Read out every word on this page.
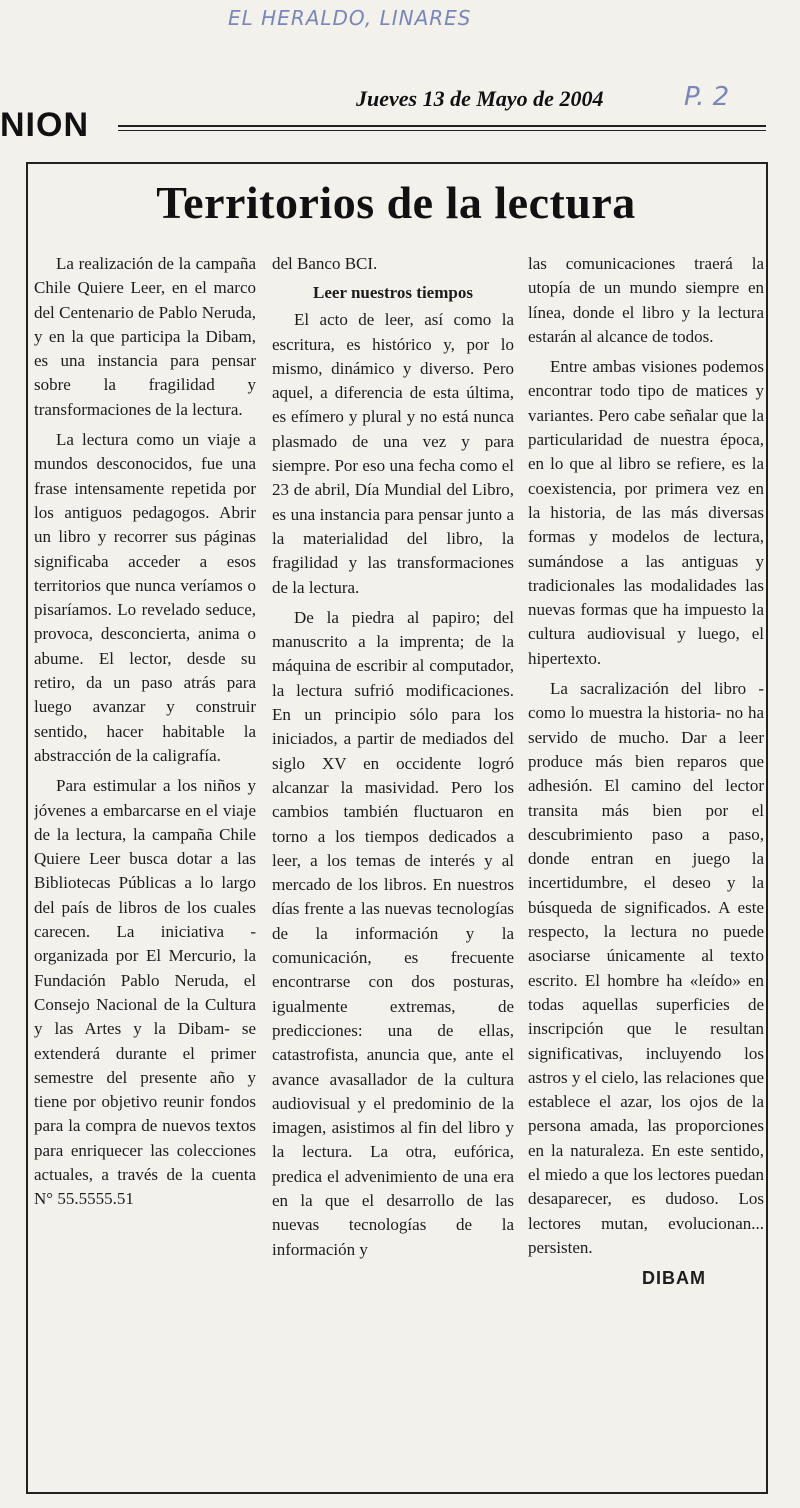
EL HERALDO, LINARES
P. 2
NION
Jueves 13 de Mayo de 2004
Territorios de la lectura

La realización de la campaña Chile Quiere Leer, en el marco del Centenario de Pablo Neruda, y en la que participa la Dibam, es una instancia para pensar sobre la fragilidad y transformaciones de la lectura.

La lectura como un viaje a mundos desconocidos, fue una frase intensamente repetida por los antiguos pedagogos. Abrir un libro y recorrer sus páginas significaba acceder a esos territorios que nunca veríamos o pisaríamos. Lo revelado seduce, provoca, desconcierta, anima o abume. El lector, desde su retiro, da un paso atrás para luego avanzar y construir sentido, hacer habitable la abstracción de la caligrafía.

Para estimular a los niños y jóvenes a embarcarse en el viaje de la lectura, la campaña Chile Quiere Leer busca dotar a las Bibliotecas Públicas a lo largo del país de libros de los cuales carecen. La iniciativa -organizada por El Mercurio, la Fundación Pablo Neruda, el Consejo Nacional de la Cultura y las Artes y la Dibam- se extenderá durante el primer semestre del presente año y tiene por objetivo reunir fondos para la compra de nuevos textos para enriquecer las colecciones actuales, a través de la cuenta N° 55.5555.51

del Banco BCI.

Leer nuestros tiempos

El acto de leer, así como la escritura, es histórico y, por lo mismo, dinámico y diverso. Pero aquel, a diferencia de esta última, es efímero y plural y no está nunca plasmado de una vez y para siempre. Por eso una fecha como el 23 de abril, Día Mundial del Libro, es una instancia para pensar junto a la materialidad del libro, la fragilidad y las transformaciones de la lectura.

De la piedra al papiro; del manuscrito a la imprenta; de la máquina de escribir al computador, la lectura sufrió modificaciones. En un principio sólo para los iniciados, a partir de mediados del siglo XV en occidente logró alcanzar la masividad. Pero los cambios también fluctuaron en torno a los tiempos dedicados a leer, a los temas de interés y al mercado de los libros. En nuestros días frente a las nuevas tecnologías de la información y la comunicación, es frecuente encontrarse con dos posturas, igualmente extremas, de predicciones: una de ellas, catastrofista, anuncia que, ante el avance avasallador de la cultura audiovisual y el predominio de la imagen, asistimos al fin del libro y la lectura. La otra, eufórica, predica el advenimiento de una era en la que el desarrollo de las nuevas tecnologías de la información y

las comunicaciones traerá la utopía de un mundo siempre en línea, donde el libro y la lectura estarán al alcance de todos.

Entre ambas visiones podemos encontrar todo tipo de matices y variantes. Pero cabe señalar que la particularidad de nuestra época, en lo que al libro se refiere, es la coexistencia, por primera vez en la historia, de las más diversas formas y modelos de lectura, sumándose a las antiguas y tradicionales las modalidades las nuevas formas que ha impuesto la cultura audiovisual y luego, el hipertexto.

La sacralización del libro -como lo muestra la historia- no ha servido de mucho. Dar a leer produce más bien reparos que adhesión. El camino del lector transita más bien por el descubrimiento paso a paso, donde entran en juego la incertidumbre, el deseo y la búsqueda de significados. A este respecto, la lectura no puede asociarse únicamente al texto escrito. El hombre ha «leído» en todas aquellas superficies de inscripción que le resultan significativas, incluyendo los astros y el cielo, las relaciones que establece el azar, los ojos de la persona amada, las proporciones en la naturaleza. En este sentido, el miedo a que los lectores puedan desaparecer, es dudoso. Los lectores mutan, evolucionan... persisten.

DIBAM
